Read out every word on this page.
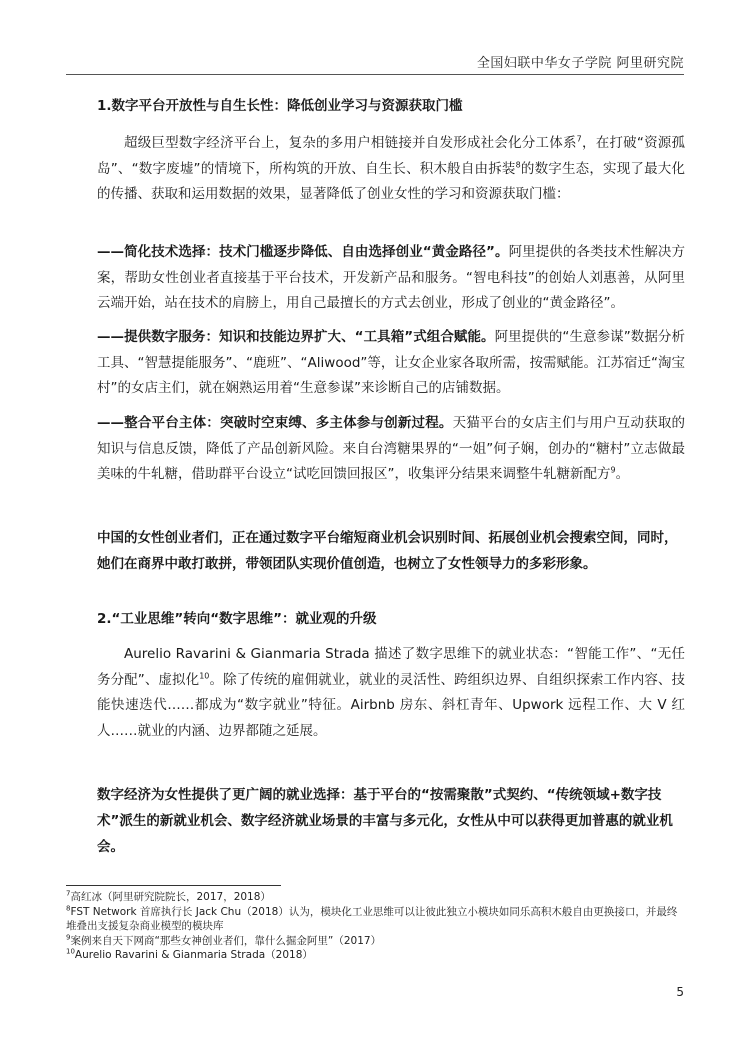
全国妇联中华女子学院 阿里研究院
1.数字平台开放性与自生长性：降低创业学习与资源获取门槛

超级巨型数字经济平台上，复杂的多用户相链接并自发形成社会化分工体系$^7$，在打破“资源孤岛”、“数字废墟”的情境下，所构筑的开放、自生长、积木般自由拆装$^8$的数字生态，实现了最大化的传播、获取和运用数据的效果，显著降低了创业女性的学习和资源获取门槛：

——简化技术选择：技术门槛逐步降低、自由选择创业“黄金路径”。阿里提供的各类技术性解决方案，帮助女性创业者直接基于平台技术，开发新产品和服务。“智电科技”的创始人刘惠善，从阿里云端开始，站在技术的肩膀上，用自己最擅长的方式去创业，形成了创业的“黄金路径”。

——提供数字服务：知识和技能边界扩大、“工具箱”式组合赋能。阿里提供的“生意参谋”数据分析工具、“智慧提能服务”、“鹿班”、“Aliwood”等，让女企业家各取所需，按需赋能。江苏宿迁“淘宝村”的女店主们，就在娴熟运用着“生意参谋”来诊断自己的店铺数据。

——整合平台主体：突破时空束缚、多主体参与创新过程。天猫平台的女店主们与用户互动获取的知识与信息反馈，降低了产品创新风险。来自台湾糖果界的“一姐”何子娴，创办的“糖村”立志做最美味的牛轧糖，借助群平台设立“试吃回馈回报区”，收集评分结果来调整牛轧糖新配方$^9$。

中国的女性创业者们，正在通过数字平台缩短商业机会识别时间、拓展创业机会搜索空间，同时，她们在商界中敢打敢拼，带领团队实现价值创造，也树立了女性领导力的多彩形象。

2.“工业思维”转向“数字思维”：就业观的升级

Aurelio Ravarini & Gianmaria Strada 描述了数字思维下的就业状态：“智能工作”、“无任务分配”、虚拟化$^{10}$。除了传统的雇佣就业，就业的灵活性、跨组织边界、自组织探索工作内容、技能快速迭代……都成为“数字就业”特征。Airbnb 房东、斜杠青年、Upwork 远程工作、大 V 红人……就业的内涵、边界都随之延展。

数字经济为女性提供了更广阔的就业选择：基于平台的“按需聚散”式契约、“传统领域+数字技术”派生的新就业机会、数字经济就业场景的丰富与多元化，女性从中可以获得更加普惠的就业机会。

$^7$高红冰（阿里研究院院长，2017，2018）

$^8$FST Network 首席执行长 Jack Chu（2018）认为，模块化工业思维可以让彼此独立小模块如同乐高积木般自由更换接口，并最终堆叠出支援复杂商业模型的模块库

$^9$案例来自天下网商“那些女神创业者们，靠什么掘金阿里”（2017）

$^{10}$Aurelio Ravarini & Gianmaria Strada（2018）

5
